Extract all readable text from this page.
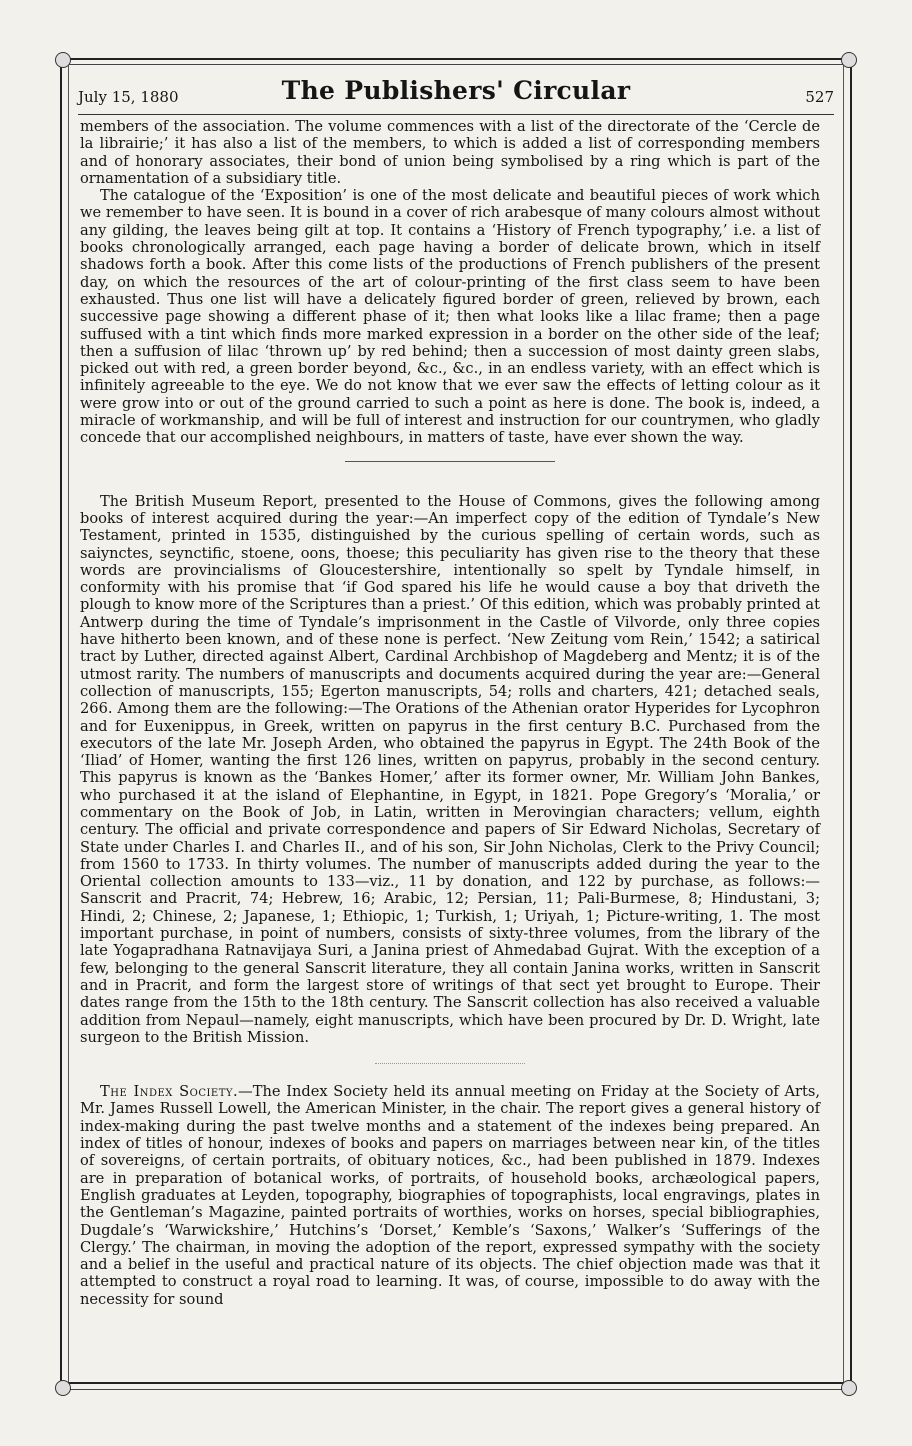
July 15, 1880	The Publishers' Circular	527

members of the association. The volume commences with a list of the directorate of the ‘Cercle de la librairie;’ it has also a list of the members, to which is added a list of corresponding members and of honorary associates, their bond of union being symbolised by a ring which is part of the ornamentation of a subsidiary title.

The catalogue of the ‘Exposition’ is one of the most delicate and beautiful pieces of work which we remember to have seen. It is bound in a cover of rich arabesque of many colours almost without any gilding, the leaves being gilt at top. It contains a ‘History of French typography,’ i.e. a list of books chronologically arranged, each page having a border of delicate brown, which in itself shadows forth a book. After this come lists of the productions of French publishers of the present day, on which the resources of the art of colour-printing of the first class seem to have been exhausted. Thus one list will have a delicately figured border of green, relieved by brown, each successive page showing a different phase of it; then what looks like a lilac frame; then a page suffused with a tint which finds more marked expression in a border on the other side of the leaf; then a suffusion of lilac ‘thrown up’ by red behind; then a succession of most dainty green slabs, picked out with red, a green border beyond, &c., &c., in an endless variety, with an effect which is infinitely agreeable to the eye. We do not know that we ever saw the effects of letting colour as it were grow into or out of the ground carried to such a point as here is done. The book is, indeed, a miracle of workmanship, and will be full of interest and instruction for our countrymen, who gladly concede that our accomplished neighbours, in matters of taste, have ever shown the way.

The British Museum Report, presented to the House of Commons, gives the following among books of interest acquired during the year:—An imperfect copy of the edition of Tyndale’s New Testament, printed in 1535, distinguished by the curious spelling of certain words, such as saiynctes, seynctific, stoene, oons, thoese; this peculiarity has given rise to the theory that these words are provincialisms of Gloucestershire, intentionally so spelt by Tyndale himself, in conformity with his promise that ‘if God spared his life he would cause a boy that driveth the plough to know more of the Scriptures than a priest.’ Of this edition, which was probably printed at Antwerp during the time of Tyndale’s imprisonment in the Castle of Vilvorde, only three copies have hitherto been known, and of these none is perfect. ‘New Zeitung vom Rein,’ 1542; a satirical tract by Luther, directed against Albert, Cardinal Archbishop of Magdeberg and Mentz; it is of the utmost rarity. The numbers of manuscripts and documents acquired during the year are:—General collection of manuscripts, 155; Egerton manuscripts, 54; rolls and charters, 421; detached seals, 266. Among them are the following:—The Orations of the Athenian orator Hyperides for Lycophron and for Euxenippus, in Greek, written on papyrus in the first century B.C. Purchased from the executors of the late Mr. Joseph Arden, who obtained the papyrus in Egypt. The 24th Book of the ‘Iliad’ of Homer, wanting the first 126 lines, written on papyrus, probably in the second century. This papyrus is known as the ‘Bankes Homer,’ after its former owner, Mr. William John Bankes, who purchased it at the island of Elephantine, in Egypt, in 1821. Pope Gregory’s ‘Moralia,’ or commentary on the Book of Job, in Latin, written in Merovingian characters; vellum, eighth century. The official and private correspondence and papers of Sir Edward Nicholas, Secretary of State under Charles I. and Charles II., and of his son, Sir John Nicholas, Clerk to the Privy Council; from 1560 to 1733. In thirty volumes. The number of manuscripts added during the year to the Oriental collection amounts to 133—viz., 11 by donation, and 122 by purchase, as follows:—Sanscrit and Pracrit, 74; Hebrew, 16; Arabic, 12; Persian, 11; Pali-Burmese, 8; Hindustani, 3; Hindi, 2; Chinese, 2; Japanese, 1; Ethiopic, 1; Turkish, 1; Uriyah, 1; Picture-writing, 1. The most important purchase, in point of numbers, consists of sixty-three volumes, from the library of the late Yogapradhana Ratnavijaya Suri, a Janina priest of Ahmedabad Gujrat. With the exception of a few, belonging to the general Sanscrit literature, they all contain Janina works, written in Sanscrit and in Pracrit, and form the largest store of writings of that sect yet brought to Europe. Their dates range from the 15th to the 18th century. The Sanscrit collection has also received a valuable addition from Nepaul—namely, eight manuscripts, which have been procured by Dr. D. Wright, late surgeon to the British Mission.

The Index Society.—The Index Society held its annual meeting on Friday at the Society of Arts, Mr. James Russell Lowell, the American Minister, in the chair. The report gives a general history of index-making during the past twelve months and a statement of the indexes being prepared. An index of titles of honour, indexes of books and papers on marriages between near kin, of the titles of sovereigns, of certain portraits, of obituary notices, &c., had been published in 1879. Indexes are in preparation of botanical works, of portraits, of household books, archæological papers, English graduates at Leyden, topography, biographies of topographists, local engravings, plates in the Gentleman’s Magazine, painted portraits of worthies, works on horses, special bibliographies, Dugdale’s ‘Warwickshire,’ Hutchins’s ‘Dorset,’ Kemble’s ‘Saxons,’ Walker’s ‘Sufferings of the Clergy.’ The chairman, in moving the adoption of the report, expressed sympathy with the society and a belief in the useful and practical nature of its objects. The chief objection made was that it attempted to construct a royal road to learning. It was, of course, impossible to do away with the necessity for sound
